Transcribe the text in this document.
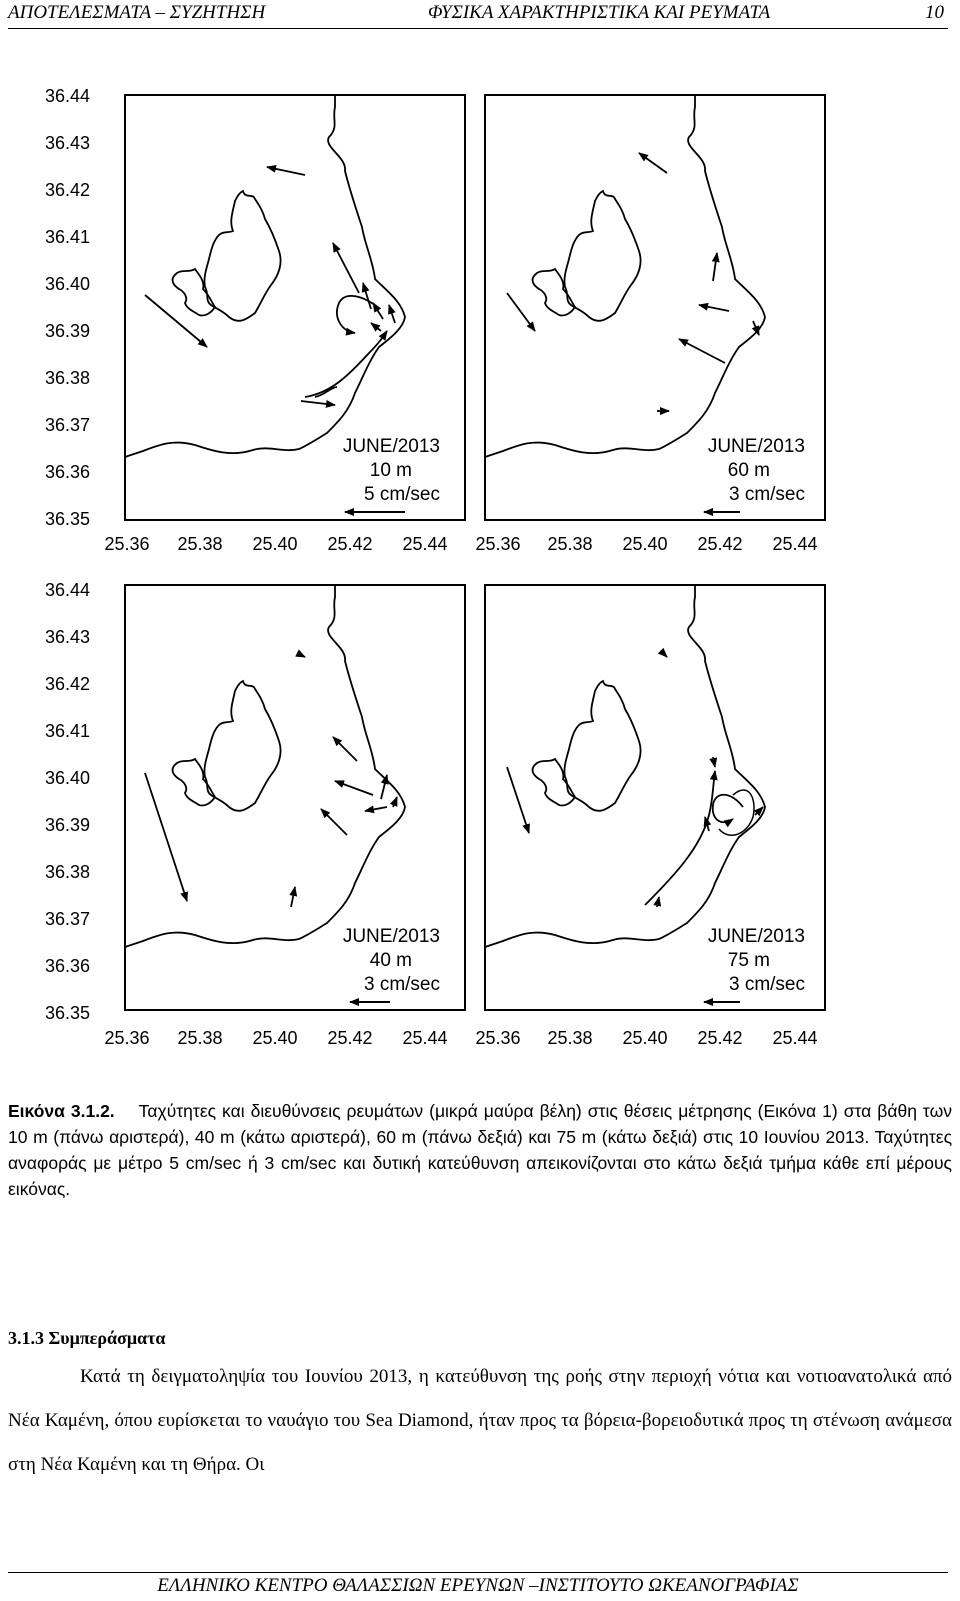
ΑΠΟΤΕΛΕΣΜΑΤΑ – ΣΥΖΗΤΗΣΗ	ΦΥΣΙΚΑ ΧΑΡΑΚΤΗΡΙΣΤΙΚΑ ΚΑΙ ΡΕΥΜΑΤΑ	10
JUNE/2013
10 m
5 cm/sec
JUNE/2013
60 m
3 cm/sec
JUNE/2013
40 m
3 cm/sec
JUNE/2013
75 m
3 cm/sec
36.44
36.43
36.42
36.41
36.40
36.39
36.38
36.37
36.36
36.35
36.44
36.43
36.42
36.41
36.40
36.39
36.38
36.37
36.36
36.35
25.36 25.38 25.40 25.42 25.44 25.36 25.38 25.40 25.42 25.44
25.36 25.38 25.40 25.42 25.44 25.36 25.38 25.40 25.42 25.44
Εικόνα 3.1.2. Ταχύτητες και διευθύνσεις ρευμάτων (μικρά μαύρα βέλη) στις θέσεις μέτρησης (Εικόνα 1) στα βάθη των 10 m (πάνω αριστερά), 40 m (κάτω αριστερά), 60 m (πάνω δεξιά) και 75 m (κάτω δεξιά) στις 10 Ιουνίου 2013. Ταχύτητες αναφοράς με μέτρο 5 cm/sec ή 3 cm/sec και δυτική κατεύθυνση απεικονίζονται στο κάτω δεξιά τμήμα κάθε επί μέρους εικόνας.
3.1.3 Συμπεράσματα
Κατά τη δειγματοληψία του Ιουνίου 2013, η κατεύθυνση της ροής στην περιοχή νότια και νοτιοανατολικά από Νέα Καμένη, όπου ευρίσκεται το ναυάγιο του Sea Diamond, ήταν προς τα βόρεια-βορειοδυτικά προς τη στένωση ανάμεσα στη Νέα Καμένη και τη Θήρα. Οι
ΕΛΛΗΝΙΚΟ ΚΕΝΤΡΟ ΘΑΛΑΣΣΙΩΝ ΕΡΕΥΝΩΝ –ΙΝΣΤΙΤΟΥΤΟ ΩΚΕΑΝΟΓΡΑΦΙΑΣ
